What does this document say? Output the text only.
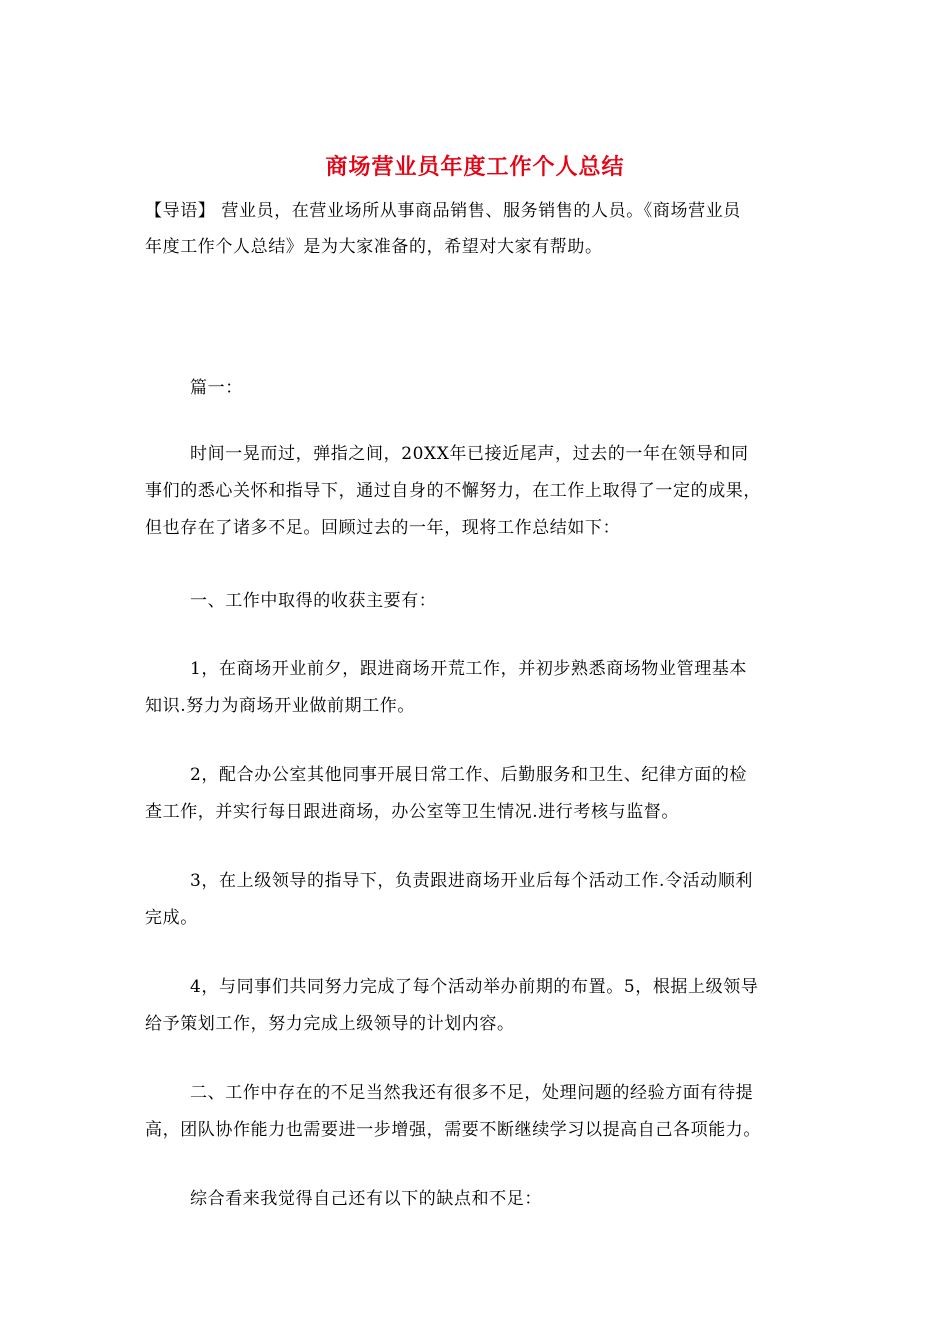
商场营业员年度工作个人总结
【导语】 营业员，在营业场所从事商品销售、服务销售的人员。《商场营业员
年度工作个人总结》是为大家准备的，希望对大家有帮助。
篇一：
时间一晃而过，弹指之间，20XX年已接近尾声，过去的一年在领导和同
事们的悉心关怀和指导下，通过自身的不懈努力，在工作上取得了一定的成果，
但也存在了诸多不足。回顾过去的一年，现将工作总结如下：
一、工作中取得的收获主要有：
1，在商场开业前夕，跟进商场开荒工作，并初步熟悉商场物业管理基本
知识.努力为商场开业做前期工作。
2，配合办公室其他同事开展日常工作、后勤服务和卫生、纪律方面的检
查工作，并实行每日跟进商场，办公室等卫生情况.进行考核与监督。
3，在上级领导的指导下，负责跟进商场开业后每个活动工作.令活动顺利
完成。
4，与同事们共同努力完成了每个活动举办前期的布置。5，根据上级领导
给予策划工作，努力完成上级领导的计划内容。
二、工作中存在的不足当然我还有很多不足，处理问题的经验方面有待提
高，团队协作能力也需要进一步增强，需要不断继续学习以提高自己各项能力。
综合看来我觉得自己还有以下的缺点和不足：
